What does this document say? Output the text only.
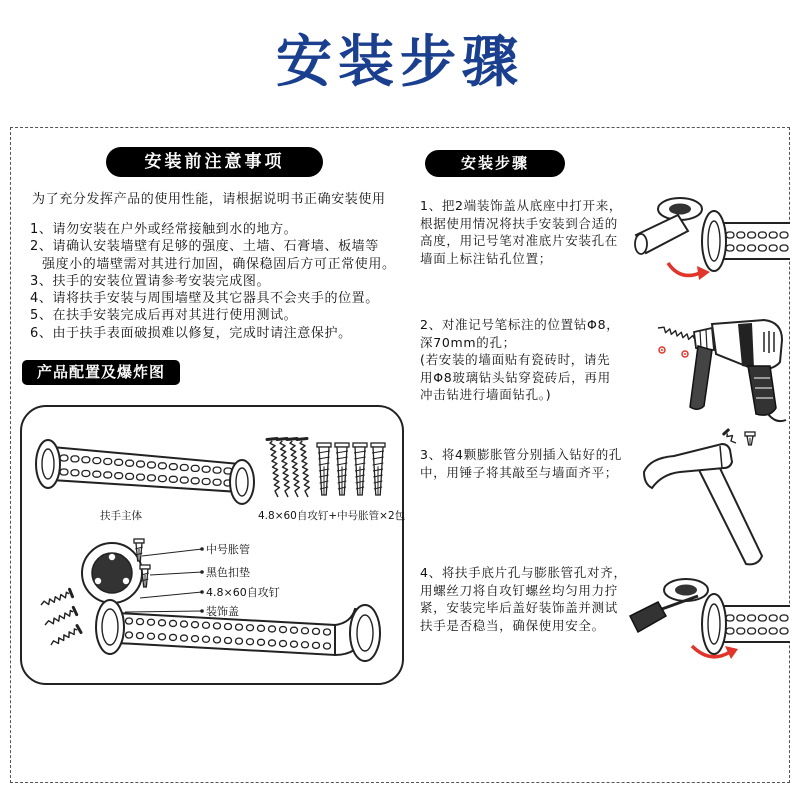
安装步骤
安装前注意事项
为了充分发挥产品的使用性能，请根据说明书正确安装使用
1、请勿安装在户外或经常接触到水的地方。
2、请确认安装墙壁有足够的强度、土墙、石膏墙、板墙等
强度小的墙壁需对其进行加固，确保稳固后方可正常使用。
3、扶手的安装位置请参考安装完成图。
4、请将扶手安装与周围墙壁及其它器具不会夹手的位置。
5、在扶手安装完成后再对其进行使用测试。
6、由于扶手表面破损难以修复，完成时请注意保护。
产品配置及爆炸图
扶手主体	4.8×60自攻钉+中号胀管×2包
中号胀管
黑色扣垫
4.8×60自攻钉
装饰盖
安装步骤
1、把2端装饰盖从底座中打开来，
根据使用情况将扶手安装到合适的
高度，用记号笔对准底片安装孔在
墙面上标注钻孔位置；
2、对准记号笔标注的位置钻Φ8，
深70mm的孔；
(若安装的墙面贴有瓷砖时，请先
用Φ8玻璃钻头钻穿瓷砖后，再用
冲击钻进行墙面钻孔。)
3、将4颗膨胀管分别插入钻好的孔
中，用锤子将其敲至与墙面齐平；
4、将扶手底片孔与膨胀管孔对齐，
用螺丝刀将自攻钉螺丝均匀用力拧
紧，安装完毕后盖好装饰盖并测试
扶手是否稳当，确保使用安全。
